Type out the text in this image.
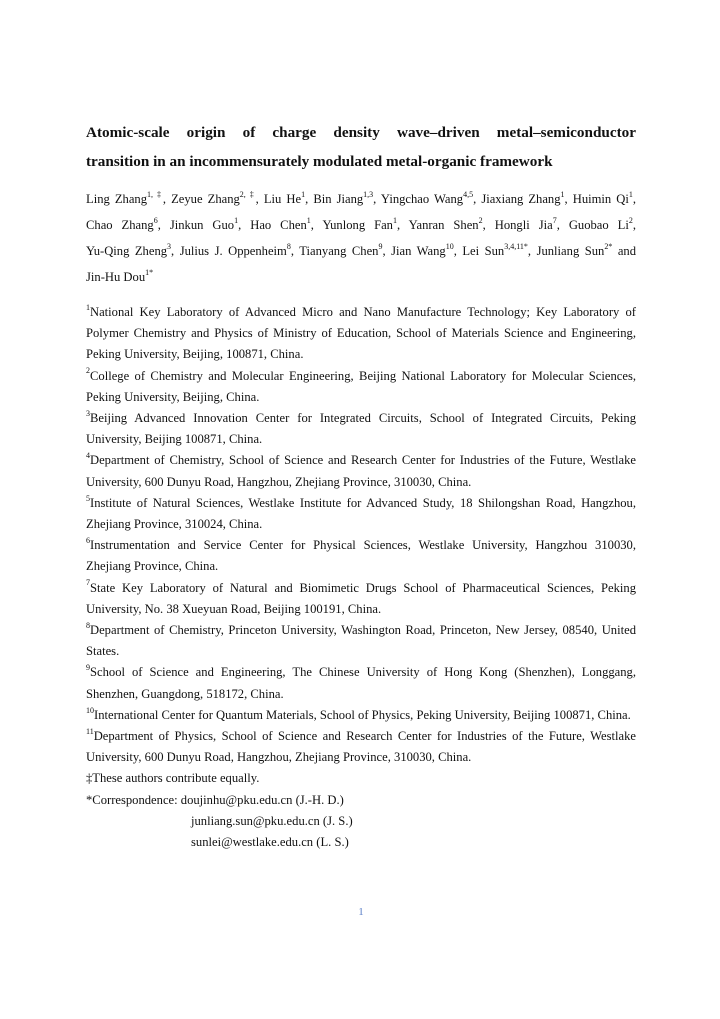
Atomic-scale origin of charge density wave–driven metal–semiconductor
transition in an incommensurately modulated metal-organic framework
Ling Zhang$^{1, \ddagger}$, Zeyue Zhang$^{2, \ddagger}$, Liu He$^1$, Bin Jiang$^{1,3}$, Yingchao Wang$^{4,5}$, Jiaxiang Zhang$^1$, Huimin Qi$^1$, Chao Zhang$^6$, Jinkun Guo$^1$, Hao Chen$^1$, Yunlong Fan$^1$, Yanran Shen$^2$, Hongli Jia$^7$, Guobao Li$^2$, Yu-Qing Zheng$^3$, Julius J. Oppenheim$^8$, Tianyang Chen$^9$, Jian Wang$^{10}$, Lei Sun$^{3,4,11*}$, Junliang Sun$^{2*}$ and Jin-Hu Dou$^{1*}$

$^1$National Key Laboratory of Advanced Micro and Nano Manufacture Technology; Key Laboratory of Polymer Chemistry and Physics of Ministry of Education, School of Materials Science and Engineering, Peking University, Beijing, 100871, China.

$^2$College of Chemistry and Molecular Engineering, Beijing National Laboratory for Molecular Sciences, Peking University, Beijing, China.

$^3$Beijing Advanced Innovation Center for Integrated Circuits, School of Integrated Circuits, Peking University, Beijing 100871, China.

$^4$Department of Chemistry, School of Science and Research Center for Industries of the Future, Westlake University, 600 Dunyu Road, Hangzhou, Zhejiang Province, 310030, China.

$^5$Institute of Natural Sciences, Westlake Institute for Advanced Study, 18 Shilongshan Road, Hangzhou, Zhejiang Province, 310024, China.

$^6$Instrumentation and Service Center for Physical Sciences, Westlake University, Hangzhou 310030, Zhejiang Province, China.

$^7$State Key Laboratory of Natural and Biomimetic Drugs School of Pharmaceutical Sciences, Peking University, No. 38 Xueyuan Road, Beijing 100191, China.

$^8$Department of Chemistry, Princeton University, Washington Road, Princeton, New Jersey, 08540, United States.

$^9$School of Science and Engineering, The Chinese University of Hong Kong (Shenzhen), Longgang, Shenzhen, Guangdong, 518172, China.

$^{10}$International Center for Quantum Materials, School of Physics, Peking University, Beijing 100871, China.

$^{11}$Department of Physics, School of Science and Research Center for Industries of the Future, Westlake University, 600 Dunyu Road, Hangzhou, Zhejiang Province, 310030, China.

‡These authors contribute equally.

*Correspondence: doujinhu@pku.edu.cn (J.-H. D.)
junliang.sun@pku.edu.cn (J. S.)
sunlei@westlake.edu.cn (L. S.)
1
